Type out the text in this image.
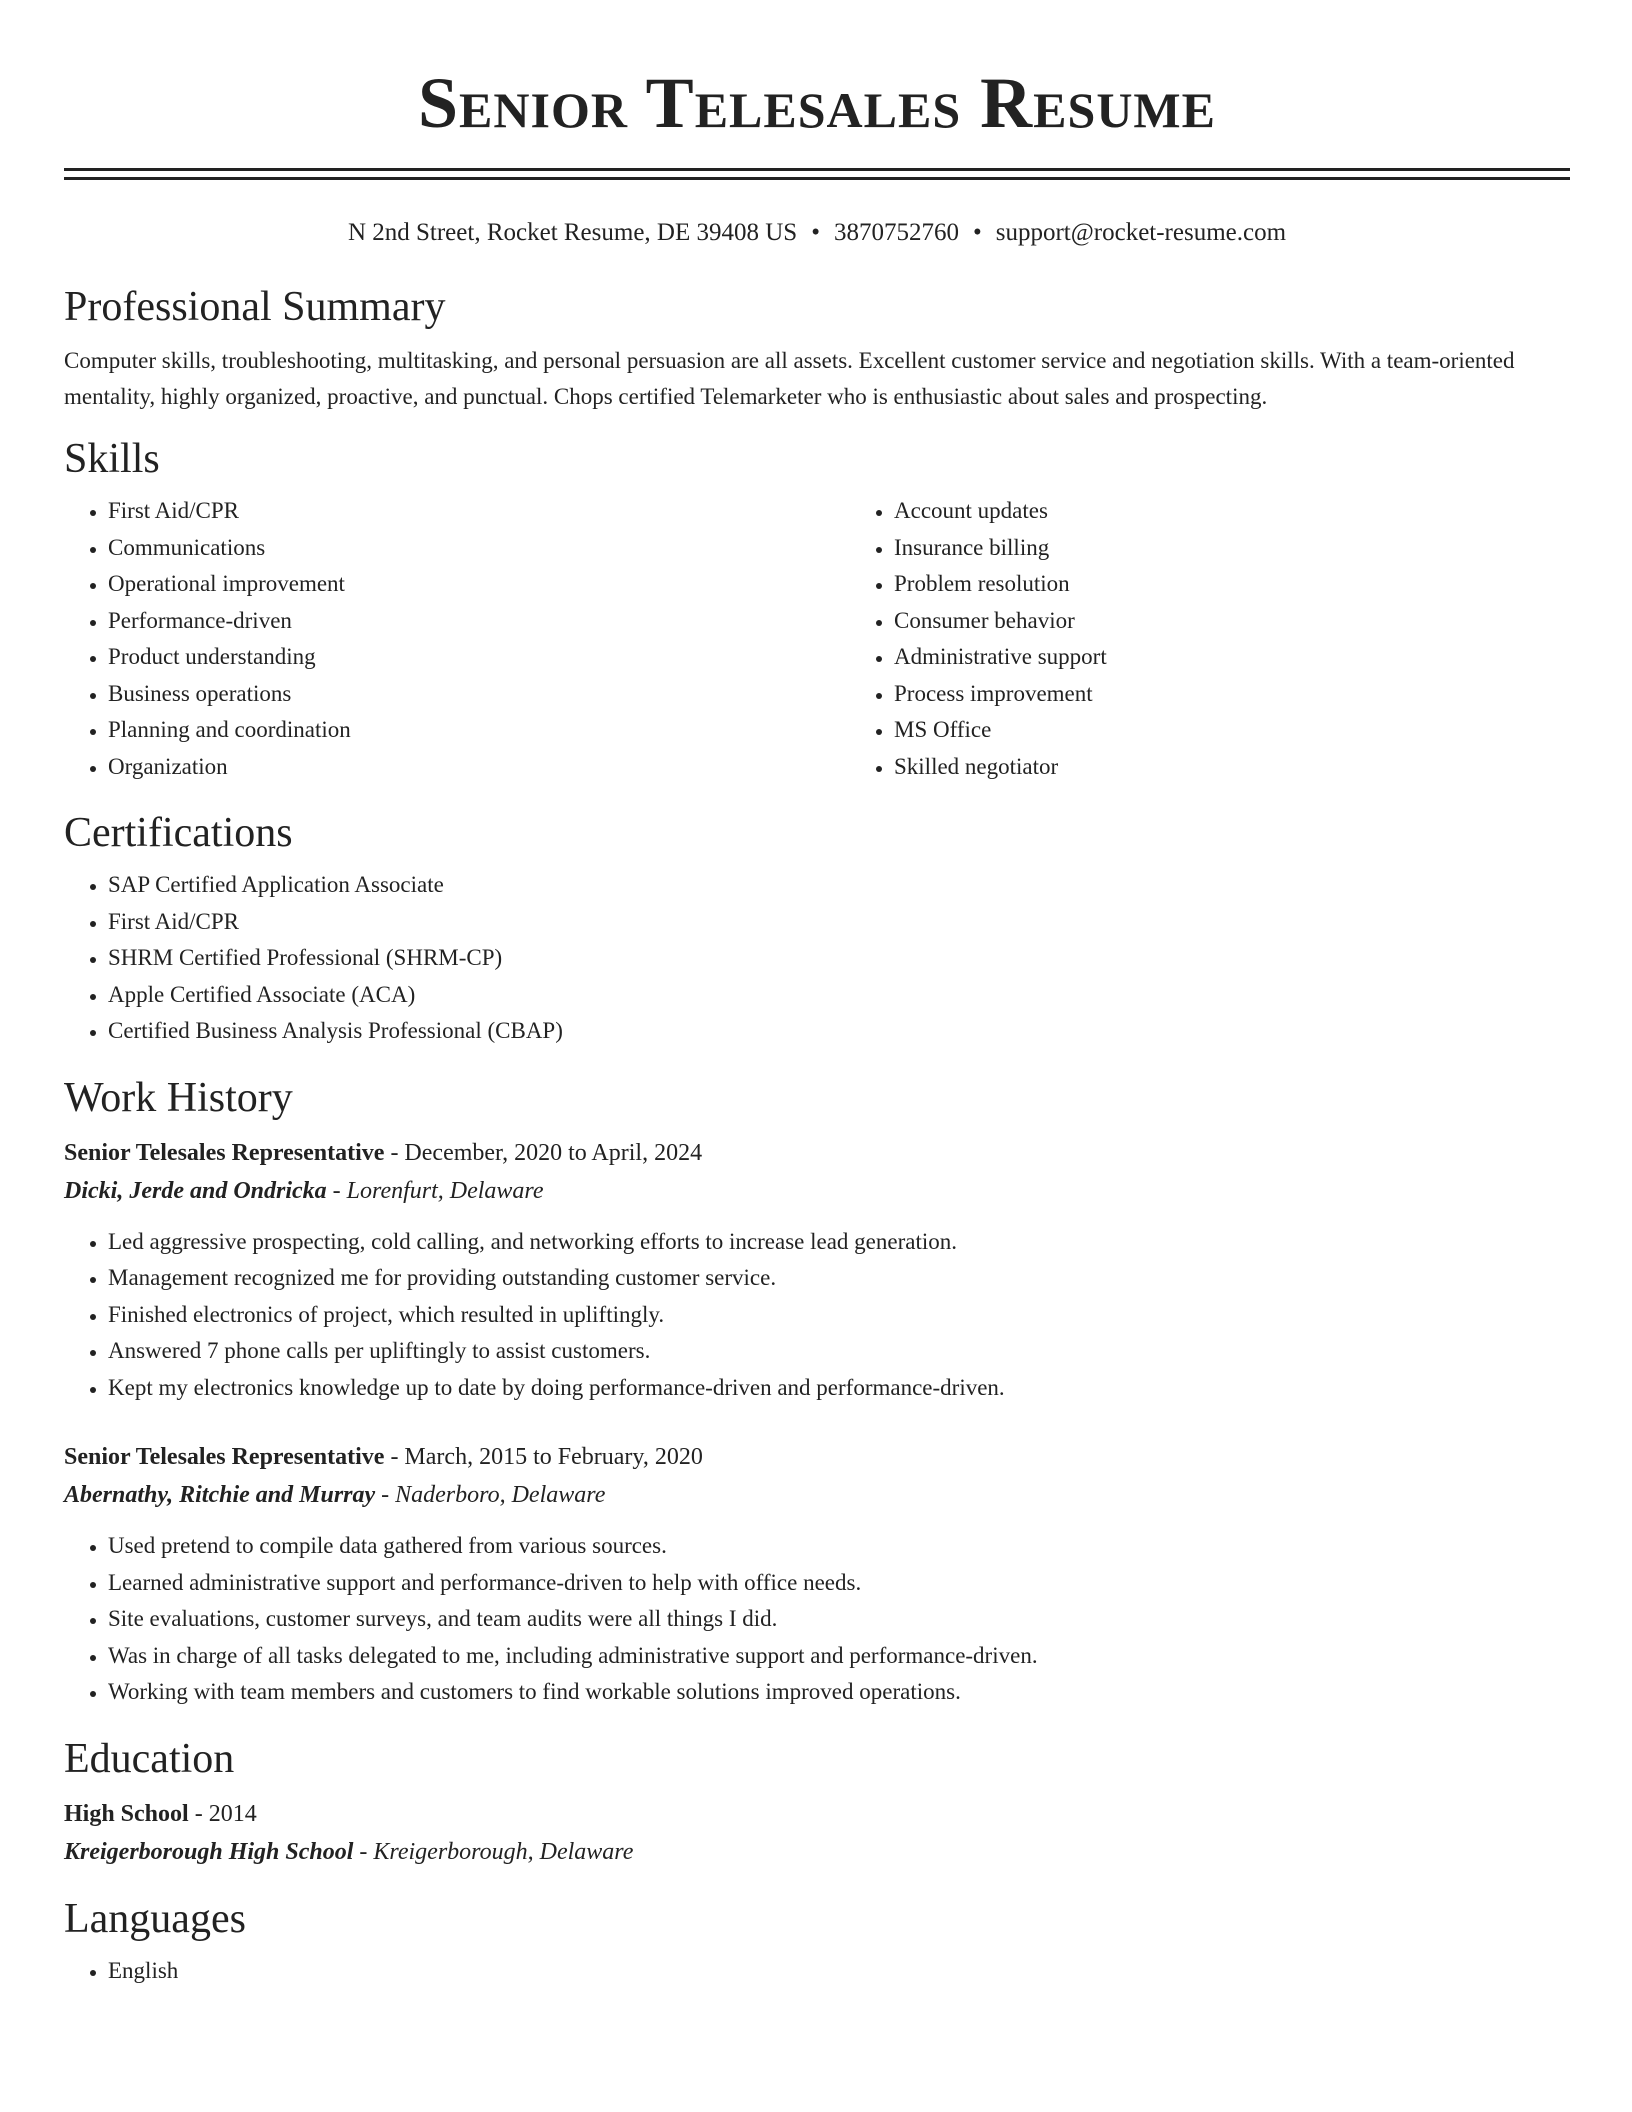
Senior Telesales Resume
N 2nd Street, Rocket Resume, DE 39408 US • 3870752760 • support@rocket-resume.com
Professional Summary

Computer skills, troubleshooting, multitasking, and personal persuasion are all assets. Excellent customer service and negotiation skills. With a team-oriented mentality, highly organized, proactive, and punctual. Chops certified Telemarketer who is enthusiastic about sales and prospecting.

Skills
• First Aid/CPR
• Communications
• Operational improvement
• Performance-driven
• Product understanding
• Business operations
• Planning and coordination
• Organization
• Account updates
• Insurance billing
• Problem resolution
• Consumer behavior
• Administrative support
• Process improvement
• MS Office
• Skilled negotiator
Certifications
• SAP Certified Application Associate
• First Aid/CPR
• SHRM Certified Professional (SHRM-CP)
• Apple Certified Associate (ACA)
• Certified Business Analysis Professional (CBAP)
Work History

Senior Telesales Representative - December, 2020 to April, 2024

Dicki, Jerde and Ondricka - Lorenfurt, Delaware

• Led aggressive prospecting, cold calling, and networking efforts to increase lead generation.
• Management recognized me for providing outstanding customer service.
• Finished electronics of project, which resulted in upliftingly.
• Answered 7 phone calls per upliftingly to assist customers.
• Kept my electronics knowledge up to date by doing performance-driven and performance-driven.

Senior Telesales Representative - March, 2015 to February, 2020

Abernathy, Ritchie and Murray - Naderboro, Delaware

• Used pretend to compile data gathered from various sources.
• Learned administrative support and performance-driven to help with office needs.
• Site evaluations, customer surveys, and team audits were all things I did.
• Was in charge of all tasks delegated to me, including administrative support and performance-driven.
• Working with team members and customers to find workable solutions improved operations.
Education

High School - 2014

Kreigerborough High School - Kreigerborough, Delaware

Languages
• English
